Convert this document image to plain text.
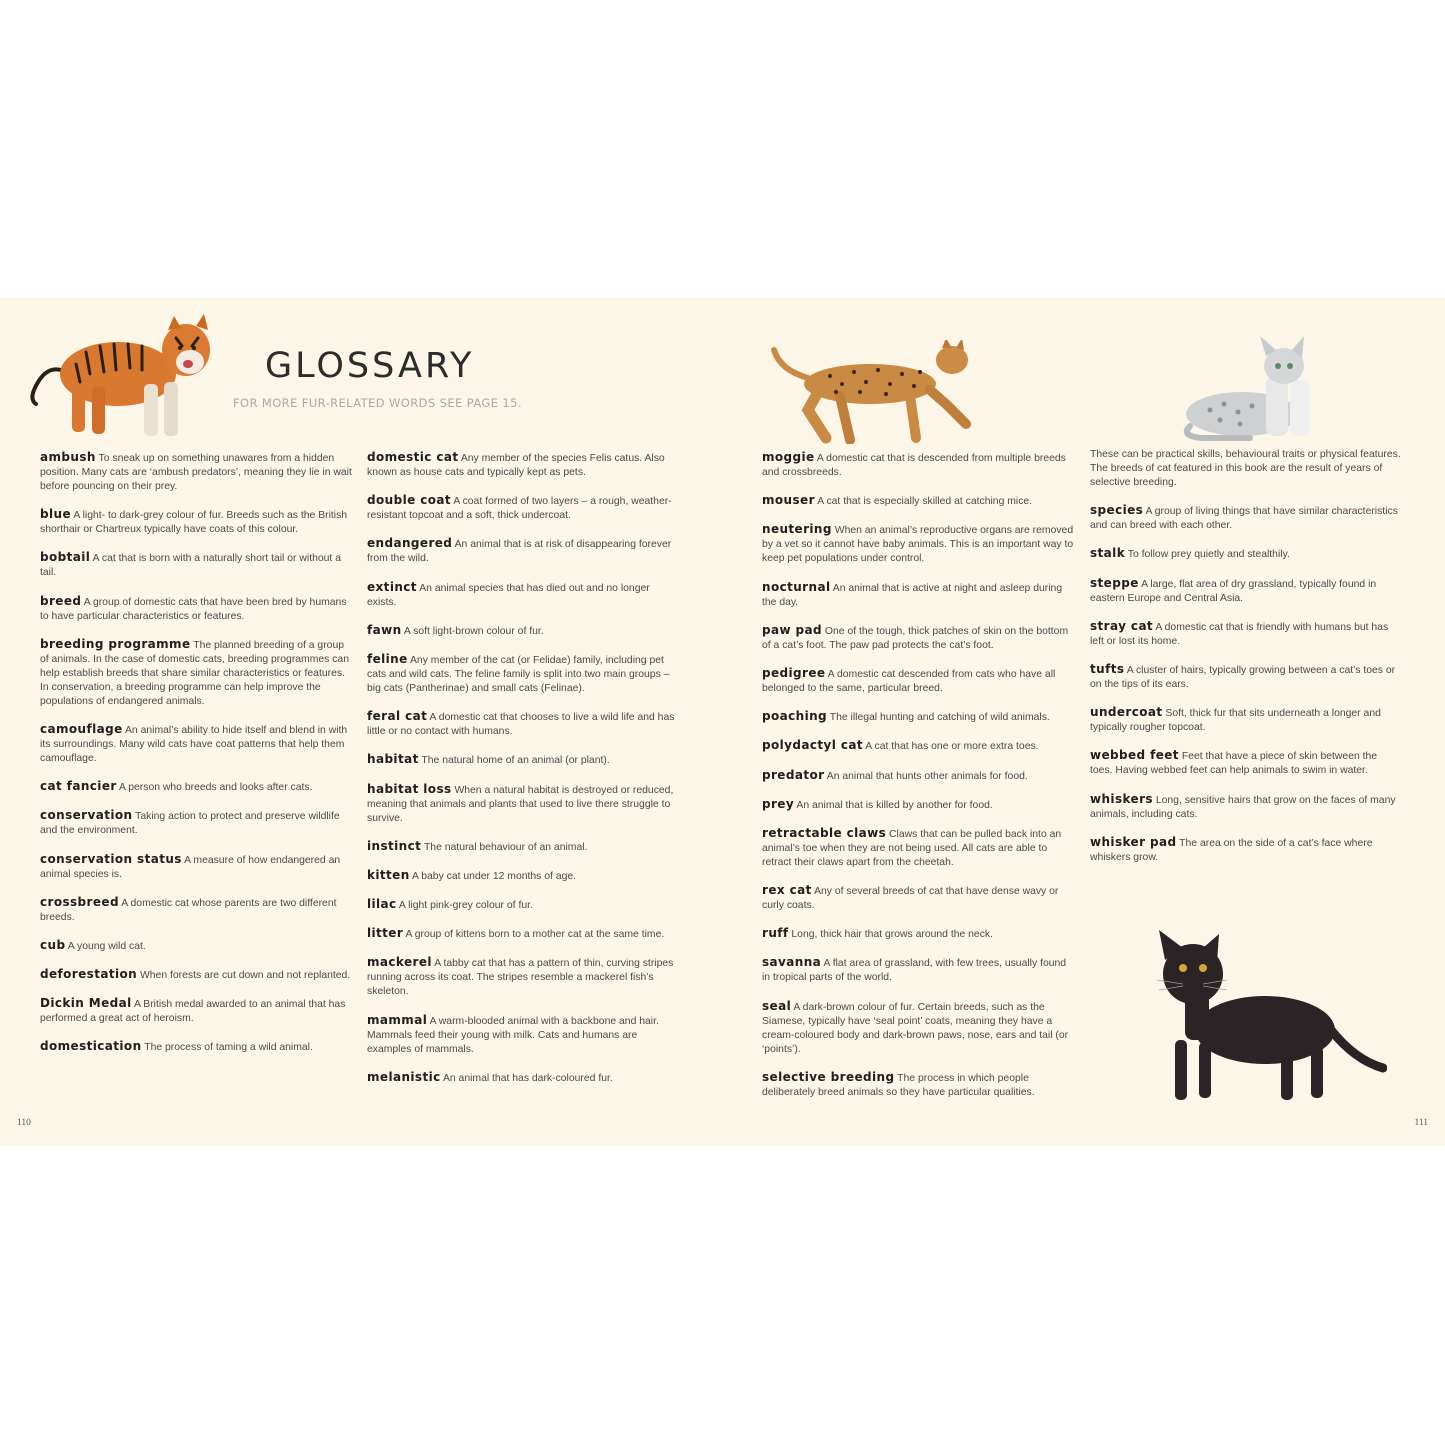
GLOSSARY
FOR MORE FUR-RELATED WORDS SEE PAGE 15.

ambush To sneak up on something unawares from a hidden position. Many cats are ‘ambush predators’, meaning they lie in wait before pouncing on their prey.

blue A light- to dark-grey colour of fur. Breeds such as the British shorthair or Chartreux typically have coats of this colour.

bobtail A cat that is born with a naturally short tail or without a tail.

breed A group of domestic cats that have been bred by humans to have particular characteristics or features.

breeding programme The planned breeding of a group of animals. In the case of domestic cats, breeding programmes can help establish breeds that share similar characteristics or features. In conservation, a breeding programme can help improve the populations of endangered animals.

camouflage An animal’s ability to hide itself and blend in with its surroundings. Many wild cats have coat patterns that help them camouflage.

cat fancier A person who breeds and looks after cats.

conservation Taking action to protect and preserve wildlife and the environment.

conservation status A measure of how endangered an animal species is.

crossbreed A domestic cat whose parents are two different breeds.

cub A young wild cat.

deforestation When forests are cut down and not replanted.

Dickin Medal A British medal awarded to an animal that has performed a great act of heroism.

domestication The process of taming a wild animal.

domestic cat Any member of the species Felis catus. Also known as house cats and typically kept as pets.

double coat A coat formed of two layers – a rough, weather-resistant topcoat and a soft, thick undercoat.

endangered An animal that is at risk of disappearing forever from the wild.

extinct An animal species that has died out and no longer exists.

fawn A soft light-brown colour of fur.

feline Any member of the cat (or Felidae) family, including pet cats and wild cats. The feline family is split into two main groups – big cats (Pantherinae) and small cats (Felinae).

feral cat A domestic cat that chooses to live a wild life and has little or no contact with humans.

habitat The natural home of an animal (or plant).

habitat loss When a natural habitat is destroyed or reduced, meaning that animals and plants that used to live there struggle to survive.

instinct The natural behaviour of an animal.

kitten A baby cat under 12 months of age.

lilac A light pink-grey colour of fur.

litter A group of kittens born to a mother cat at the same time.

mackerel A tabby cat that has a pattern of thin, curving stripes running across its coat. The stripes resemble a mackerel fish’s skeleton.

mammal A warm-blooded animal with a backbone and hair. Mammals feed their young with milk. Cats and humans are examples of mammals.

melanistic An animal that has dark-coloured fur.

moggie A domestic cat that is descended from multiple breeds and crossbreeds.

mouser A cat that is especially skilled at catching mice.

neutering When an animal’s reproductive organs are removed by a vet so it cannot have baby animals. This is an important way to keep pet populations under control.

nocturnal An animal that is active at night and asleep during the day.

paw pad One of the tough, thick patches of skin on the bottom of a cat’s foot. The paw pad protects the cat’s foot.

pedigree A domestic cat descended from cats who have all belonged to the same, particular breed.

poaching The illegal hunting and catching of wild animals.

polydactyl cat A cat that has one or more extra toes.

predator An animal that hunts other animals for food.

prey An animal that is killed by another for food.

retractable claws Claws that can be pulled back into an animal’s toe when they are not being used. All cats are able to retract their claws apart from the cheetah.

rex cat Any of several breeds of cat that have dense wavy or curly coats.

ruff Long, thick hair that grows around the neck.

savanna A flat area of grassland, with few trees, usually found in tropical parts of the world.

seal A dark-brown colour of fur. Certain breeds, such as the Siamese, typically have ‘seal point’ coats, meaning they have a cream-coloured body and dark-brown paws, nose, ears and tail (or ‘points’).

selective breeding The process in which people deliberately breed animals so they have particular qualities.

These can be practical skills, behavioural traits or physical features. The breeds of cat featured in this book are the result of years of selective breeding.

species A group of living things that have similar characteristics and can breed with each other.

stalk To follow prey quietly and stealthily.

steppe A large, flat area of dry grassland, typically found in eastern Europe and Central Asia.

stray cat A domestic cat that is friendly with humans but has left or lost its home.

tufts A cluster of hairs, typically growing between a cat’s toes or on the tips of its ears.

undercoat Soft, thick fur that sits underneath a longer and typically rougher topcoat.

webbed feet Feet that have a piece of skin between the toes. Having webbed feet can help animals to swim in water.

whiskers Long, sensitive hairs that grow on the faces of many animals, including cats.

whisker pad The area on the side of a cat’s face where whiskers grow.

110	111
